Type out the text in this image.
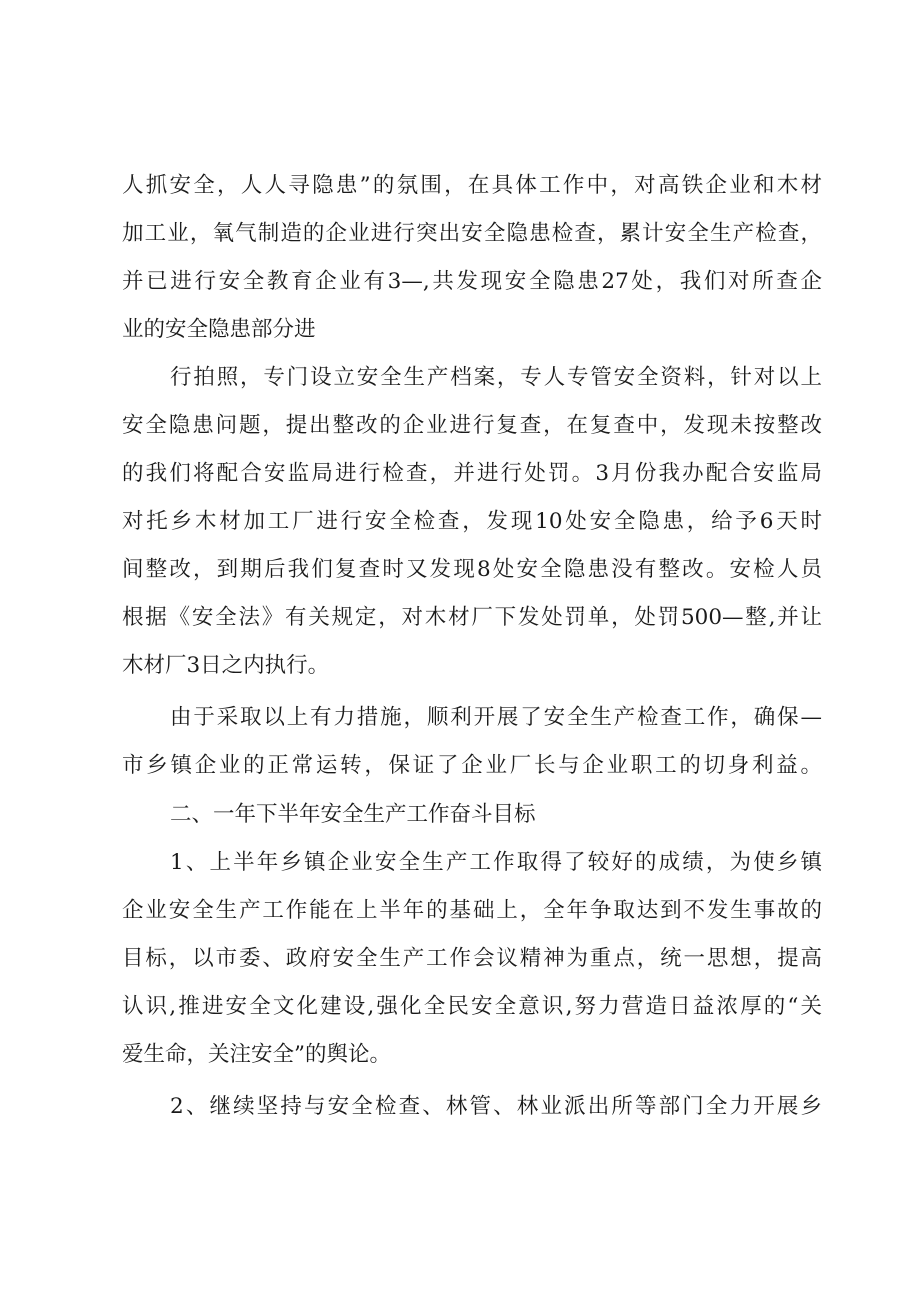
人抓安全，人人寻隐患”的氛围，在具体工作中，对高铁企业和木材
加工业，氧气制造的企业进行突出安全隐患检查，累计安全生产检查，
并已进行安全教育企业有3—,共发现安全隐患27处，我们对所查企
业的安全隐患部分进
行拍照，专门设立安全生产档案，专人专管安全资料，针对以上
安全隐患问题，提出整改的企业进行复查，在复查中，发现未按整改
的我们将配合安监局进行检查，并进行处罚。3月份我办配合安监局
对托乡木材加工厂进行安全检查，发现10处安全隐患，给予6天时
间整改，到期后我们复查时又发现8处安全隐患没有整改。安检人员
根据《安全法》有关规定，对木材厂下发处罚单，处罚500—整,并让
木材厂3日之内执行。
由于采取以上有力措施，顺利开展了安全生产检查工作，确保—
市乡镇企业的正常运转，保证了企业厂长与企业职工的切身利益。
二、一年下半年安全生产工作奋斗目标
1、上半年乡镇企业安全生产工作取得了较好的成绩，为使乡镇
企业安全生产工作能在上半年的基础上，全年争取达到不发生事故的
目标，以市委、政府安全生产工作会议精神为重点，统一思想，提高
认识,推进安全文化建设,强化全民安全意识,努力营造日益浓厚的“关
爱生命，关注安全”的舆论。
2、继续坚持与安全检查、林管、林业派出所等部门全力开展乡
